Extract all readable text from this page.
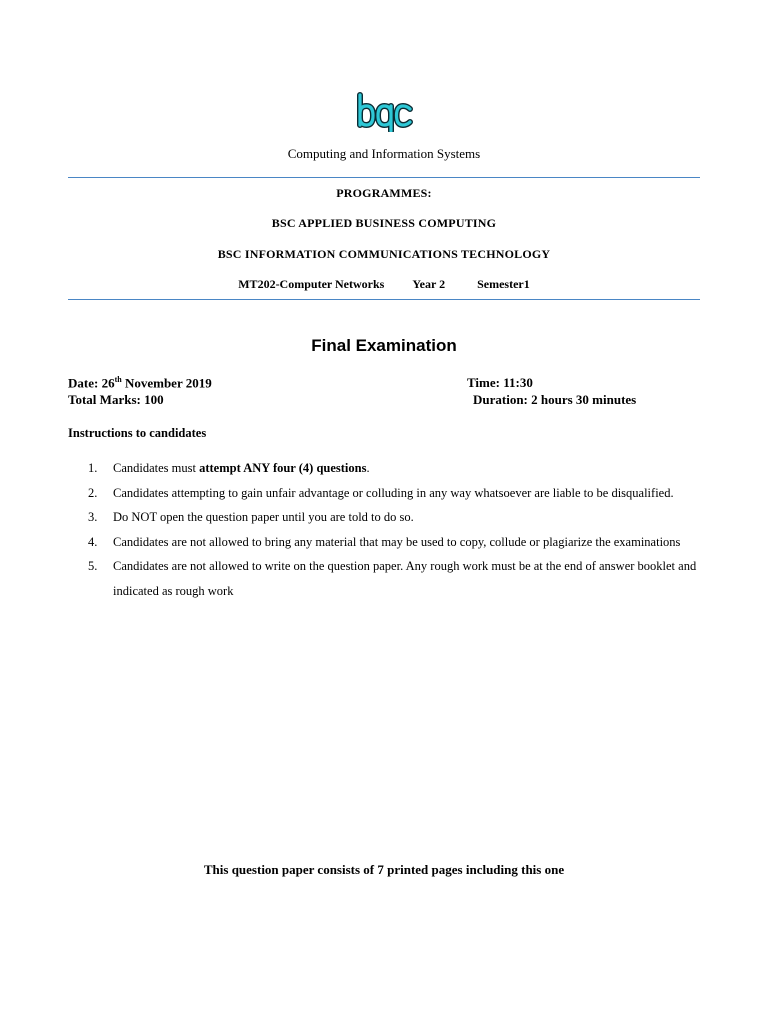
bqc
Computing and Information Systems
PROGRAMMES:
BSC APPLIED BUSINESS COMPUTING
BSC INFORMATION COMMUNICATIONS TECHNOLOGY
MT202-Computer Networks Year 2	Semester1
Final Examination
Date: 26th November 2019	Time: 11:30
Total Marks: 100	Duration: 2 hours 30 minutes
Instructions to candidates
1. Candidates must attempt ANY four (4) questions.
2. Candidates attempting to gain unfair advantage or colluding in any way whatsoever are liable to be disqualified.
3. Do NOT open the question paper until you are told to do so.
4. Candidates are not allowed to bring any material that may be used to copy, collude or plagiarize the examinations
5. Candidates are not allowed to write on the question paper. Any rough work must be at the end of answer booklet and indicated as rough work
This question paper consists of 7 printed pages including this one
